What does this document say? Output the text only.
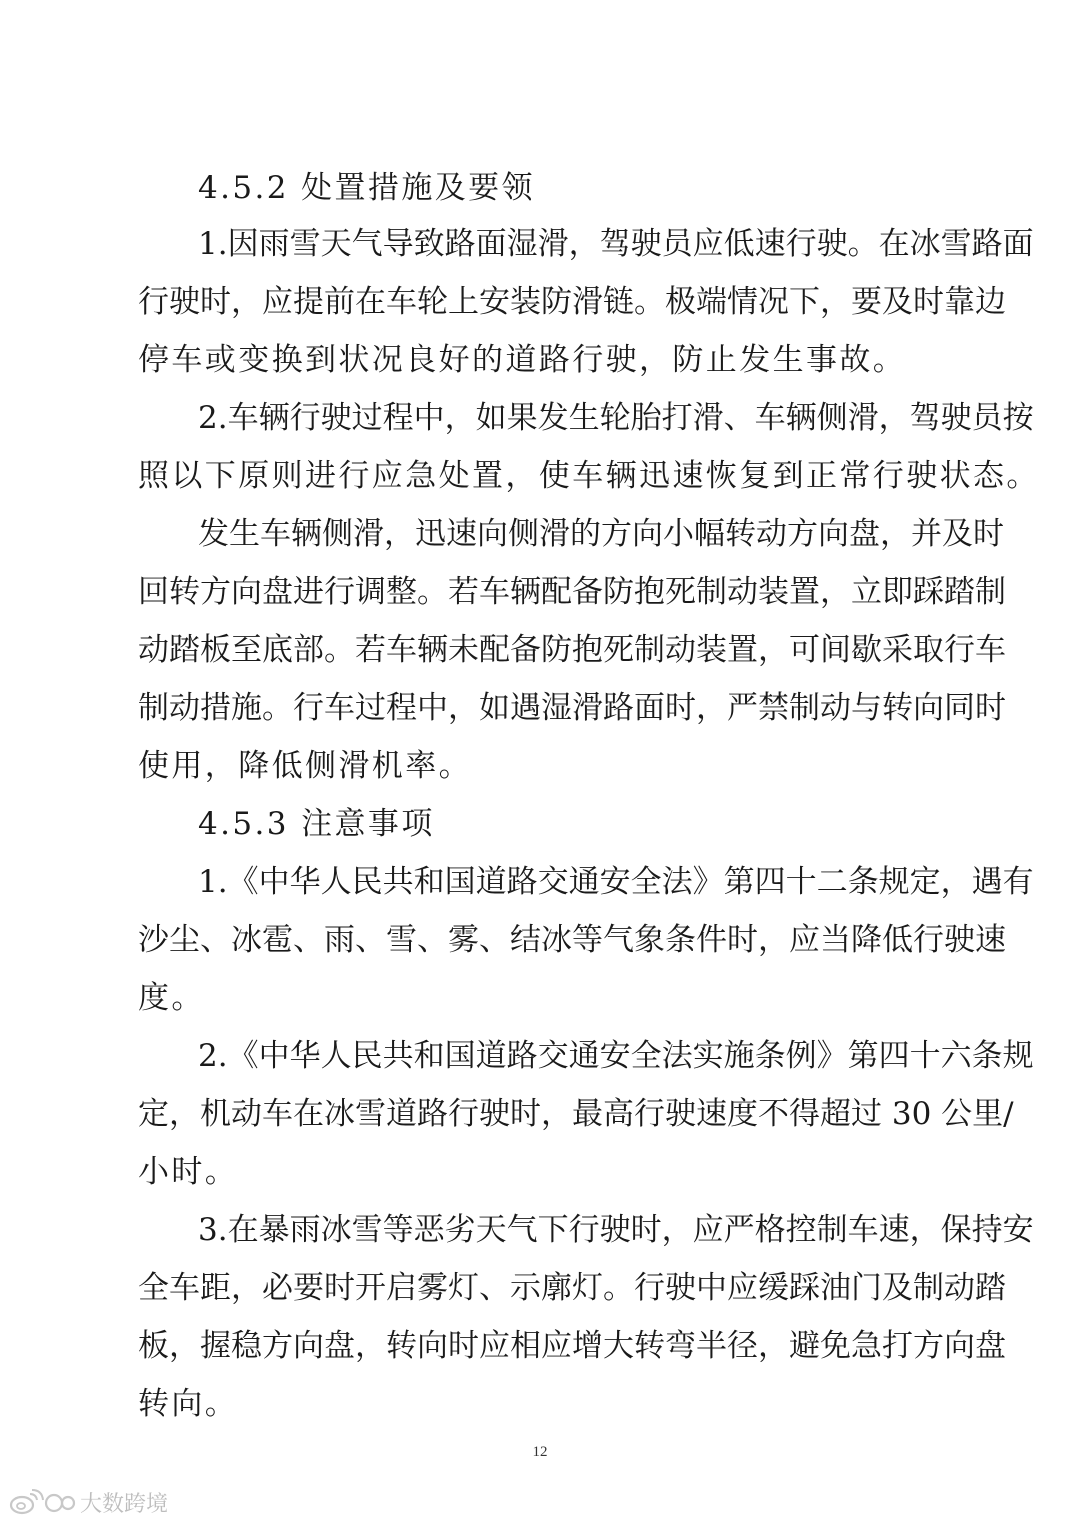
4.5.2 处置措施及要领
1.因雨雪天气导致路面湿滑，驾驶员应低速行驶。在冰雪路面
行驶时，应提前在车轮上安装防滑链。极端情况下，要及时靠边
停车或变换到状况良好的道路行驶，防止发生事故。
2.车辆行驶过程中，如果发生轮胎打滑、车辆侧滑，驾驶员按
照以下原则进行应急处置，使车辆迅速恢复到正常行驶状态。
发生车辆侧滑，迅速向侧滑的方向小幅转动方向盘，并及时
回转方向盘进行调整。若车辆配备防抱死制动装置，立即踩踏制
动踏板至底部。若车辆未配备防抱死制动装置，可间歇采取行车
制动措施。行车过程中，如遇湿滑路面时，严禁制动与转向同时
使用，降低侧滑机率。
4.5.3 注意事项
1.《中华人民共和国道路交通安全法》第四十二条规定，遇有
沙尘、冰雹、雨、雪、雾、结冰等气象条件时，应当降低行驶速
度。
2.《中华人民共和国道路交通安全法实施条例》第四十六条规
定，机动车在冰雪道路行驶时，最高行驶速度不得超过 30 公里/
小时。
3.在暴雨冰雪等恶劣天气下行驶时，应严格控制车速，保持安
全车距，必要时开启雾灯、示廓灯。行驶中应缓踩油门及制动踏
板，握稳方向盘，转向时应相应增大转弯半径，避免急打方向盘
转向。
12
大数跨境
